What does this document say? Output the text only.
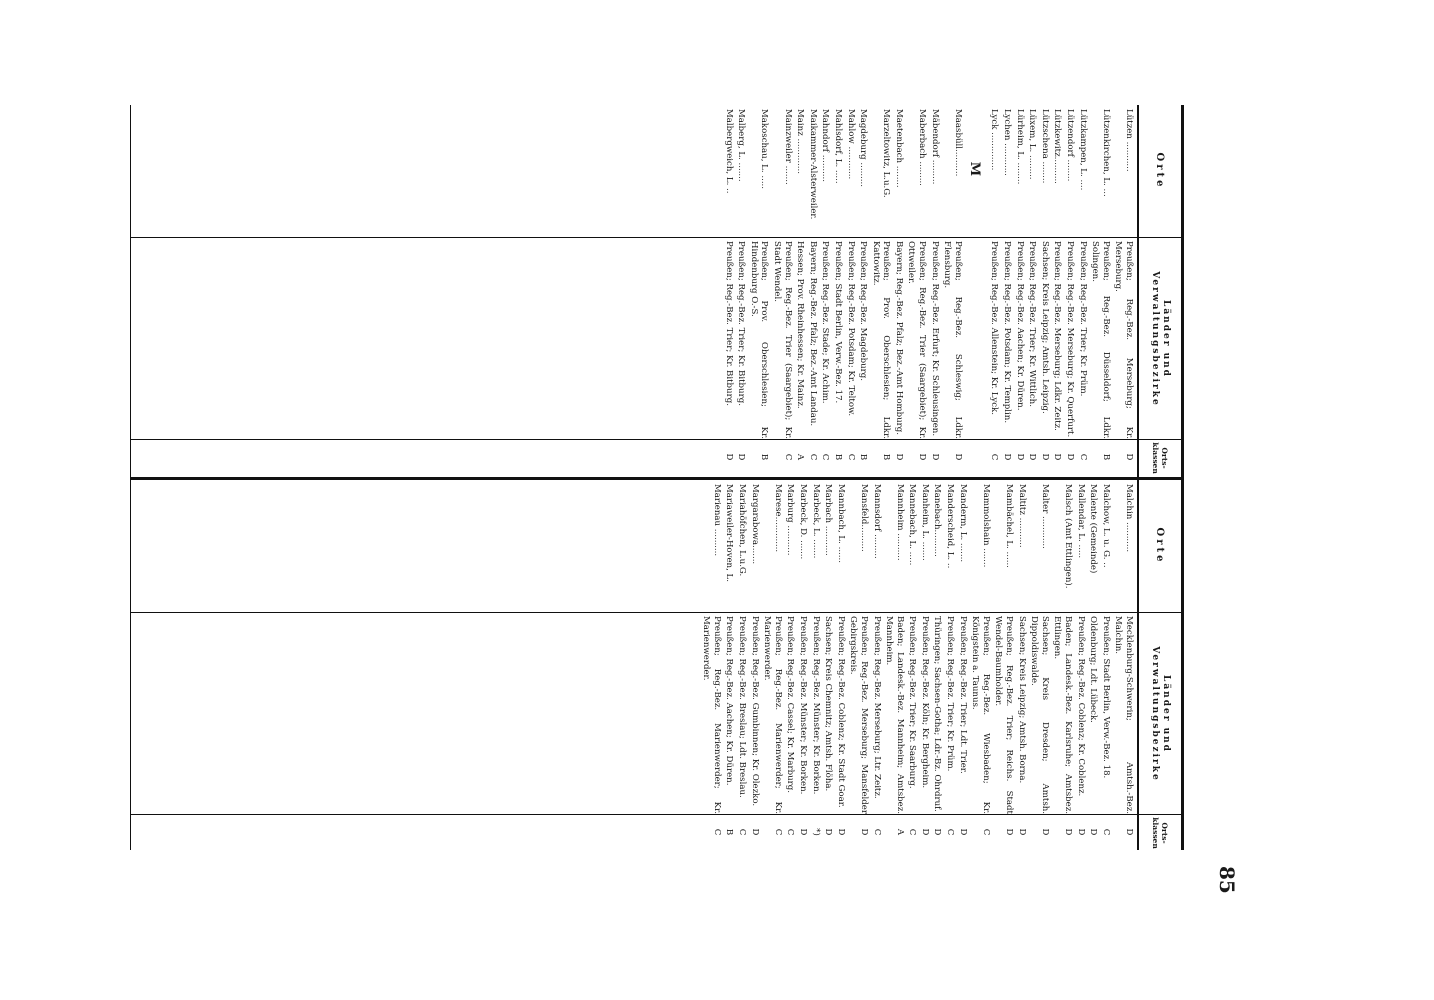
85
Orte
Länder und Verwaltungsbezirke
Orts-klassen
Lützen ...........
Preußen; Reg.-Bez. Merseburg; Kr. Merseburg.
D
Lützenkirchen, L. ...
Preußen; Reg.-Bez. Düsseldorf; Ldkr. Solingen.
B
Lützkampen, L. ....
Preußen; Reg.-Bez. Trier; Kr. Prüm.
C
Lützendorf ........
Preußen; Reg.-Bez. Merseburg; Kr. Querfurt.
D
Lützkewitz..........
Preußen; Reg.-Bez. Merseburg; Ldkr. Zeitz.
D
Lützschena ........
Sachsen; Kreis Leipzig; Amtsh. Leipzig.
D
Lüxem, L. .........
Preußen; Reg.-Bez. Trier; Kr. Wittlich.
D
Lürheim, L. ........
Preußen; Reg.-Bez. Aachen; Kr. Düren.
D
Lychen ............
Preußen; Reg.-Bez. Potsdam; Kr. Templin.
D
Lyck ..............
Preußen; Reg.-Bez. Allenstein; Kr. Lyck.
C
M
Maasbüll..........
Preußen; Reg.-Bez. Schleswig; Ldkr. Flensburg.
D
Mäbendorf .........
Preußen; Reg.-Bez. Erfurt; Kr. Schleusingen.
D
Maberbach .........
Preußen; Reg.-Bez. Trier (Saargebiet); Kr. Ottweiler.
D
Maetenbach ........
Bayern; Reg.-Bez. Pfalz; Bez.-Amt Homburg.
D
Marzeltowitz, L.u.G.
Preußen; Prov. Oberschlesien; Ldkr. Kattowitz.
B
Magdeburg .........
Preußen; Reg.-Bez. Magdeburg.
B
Mahlow ............
Preußen; Reg.-Bez. Potsdam; Kr. Teltow.
C
Mahlsdorf, L. .....
Preußen; Stadt Berlin, Verw.-Bez. 17.
B
Mahndorf ..........
Preußen; Reg.-Bez. Stade; Kr. Achim.
C
Maikammer-Alsterweiler.
Bayern; Reg.-Bez. Pfalz; Bez.-Amt Landau.
C
Mainz .............
Hessen; Prov. Rheinhessen; Kr. Mainz.
A
Mainzweiler .......
Preußen; Reg.-Bez. Trier (Saargebiet); Kr. Stadt Wendel.
C
Makoschau, L. .....
Preußen; Prov. Oberschlesien; Kr. Hindenburg O.-S.
B
Malberg, L. .......
Preußen; Reg.-Bez. Trier; Kr. Bitburg.
D
Malbergweich, L. ..
Preußen; Reg.-Bez. Trier; Kr. Bitburg.
D
Orte
Länder und Verwaltungsbezirke
Orts-klassen
Malchin ...........
Mecklenburg-Schwerin; Amtsh.-Bez. Malchin.
D
Malchow, L. u. G. ..
Preußen; Stadt Berlin, Verw.-Bez. 18.
C
Malente (Gemeinde)
Oldenburg; Ldt. Lübeck.
D
Mallendar, L. .....
Preußen; Reg.-Bez. Coblenz; Kr. Coblenz.
D
Malsch (Amt Ettlingen).
Baden; Landesk.-Bez. Karlsruhe; Amtsbez. Ettlingen.
D
Malter ............
Sachsen; Kreis Dresden; Amtsh. Dippoldiswalde.
D
Maltitz ...........
Sachsen; Kreis Leipzig; Amtsh. Borna.
D
Mambächel, L. ......
Preußen; Reg.-Bez. Trier; Reichs. Stadt Wendel-Baumholder.
D
Mammolshain .......
Preußen; Reg.-Bez. Wiesbaden; Kr. Königstein a. Taunus.
C
Manderm, L. .......
Preußen; Reg.-Bez. Trier; Ldt. Trier.
D
Manderscheid, L. ..
Preußen; Reg.-Bez. Trier; Kr. Prüm.
C
Manebach..........
Thüringen; Sachsen-Gotha; Ldr.-Bz. Ohrdruf.
D
Manheim, L. .......
Preußen; Reg.-Bez. Köln; Kr. Bergheim.
D
Mannebach, L. .....
Preußen; Reg.-Bez. Trier; Kr. Saarburg.
C
Mannheim ..........
Baden; Landesk.-Bez. Mannheim; Amtsbez. Mannheim.
A
Mannsdorf .........
Preußen; Reg.-Bez. Merseburg; Ltr. Zeitz.
C
Mansfeld..........
Preußen; Reg.-Bez. Merseburg; Mansfelder Gebirgskreis.
D
Mannbach, L. ......
Preußen; Reg.-Bez. Coblenz; Kr. Stadt Goar.
D
Marbach ...........
Sachsen; Kreis Chemnitz; Amtsh. Flöha.
D
Marbeck, L. .......
Preußen; Reg.-Bez. Münster; Kr. Borken.
*)
Marbeck, D. .......
Preußen; Reg.-Bez. Münster; Kr. Borken.
D
Marburg ...........
Preußen; Reg.-Bez. Cassel; Kr. Marburg.
C
Marese.............
Preußen; Reg.-Bez. Marienwerder; Kr. Marienwerder.
C
Margarabowa.......
Preußen; Reg.-Bez. Gumbinnen; Kr. Olezko.
D
Mariahöfchen, L.u.G.
Preußen; Reg.-Bez. Breslau; Ldt. Breslau.
C
Mariaweiler-Hoven, L.
Preußen; Reg.-Bez. Aachen; Kr. Düren.
B
Marienau ..........
Preußen; Reg.-Bez. Marienwerder; Kr. Marienwerder.
C
